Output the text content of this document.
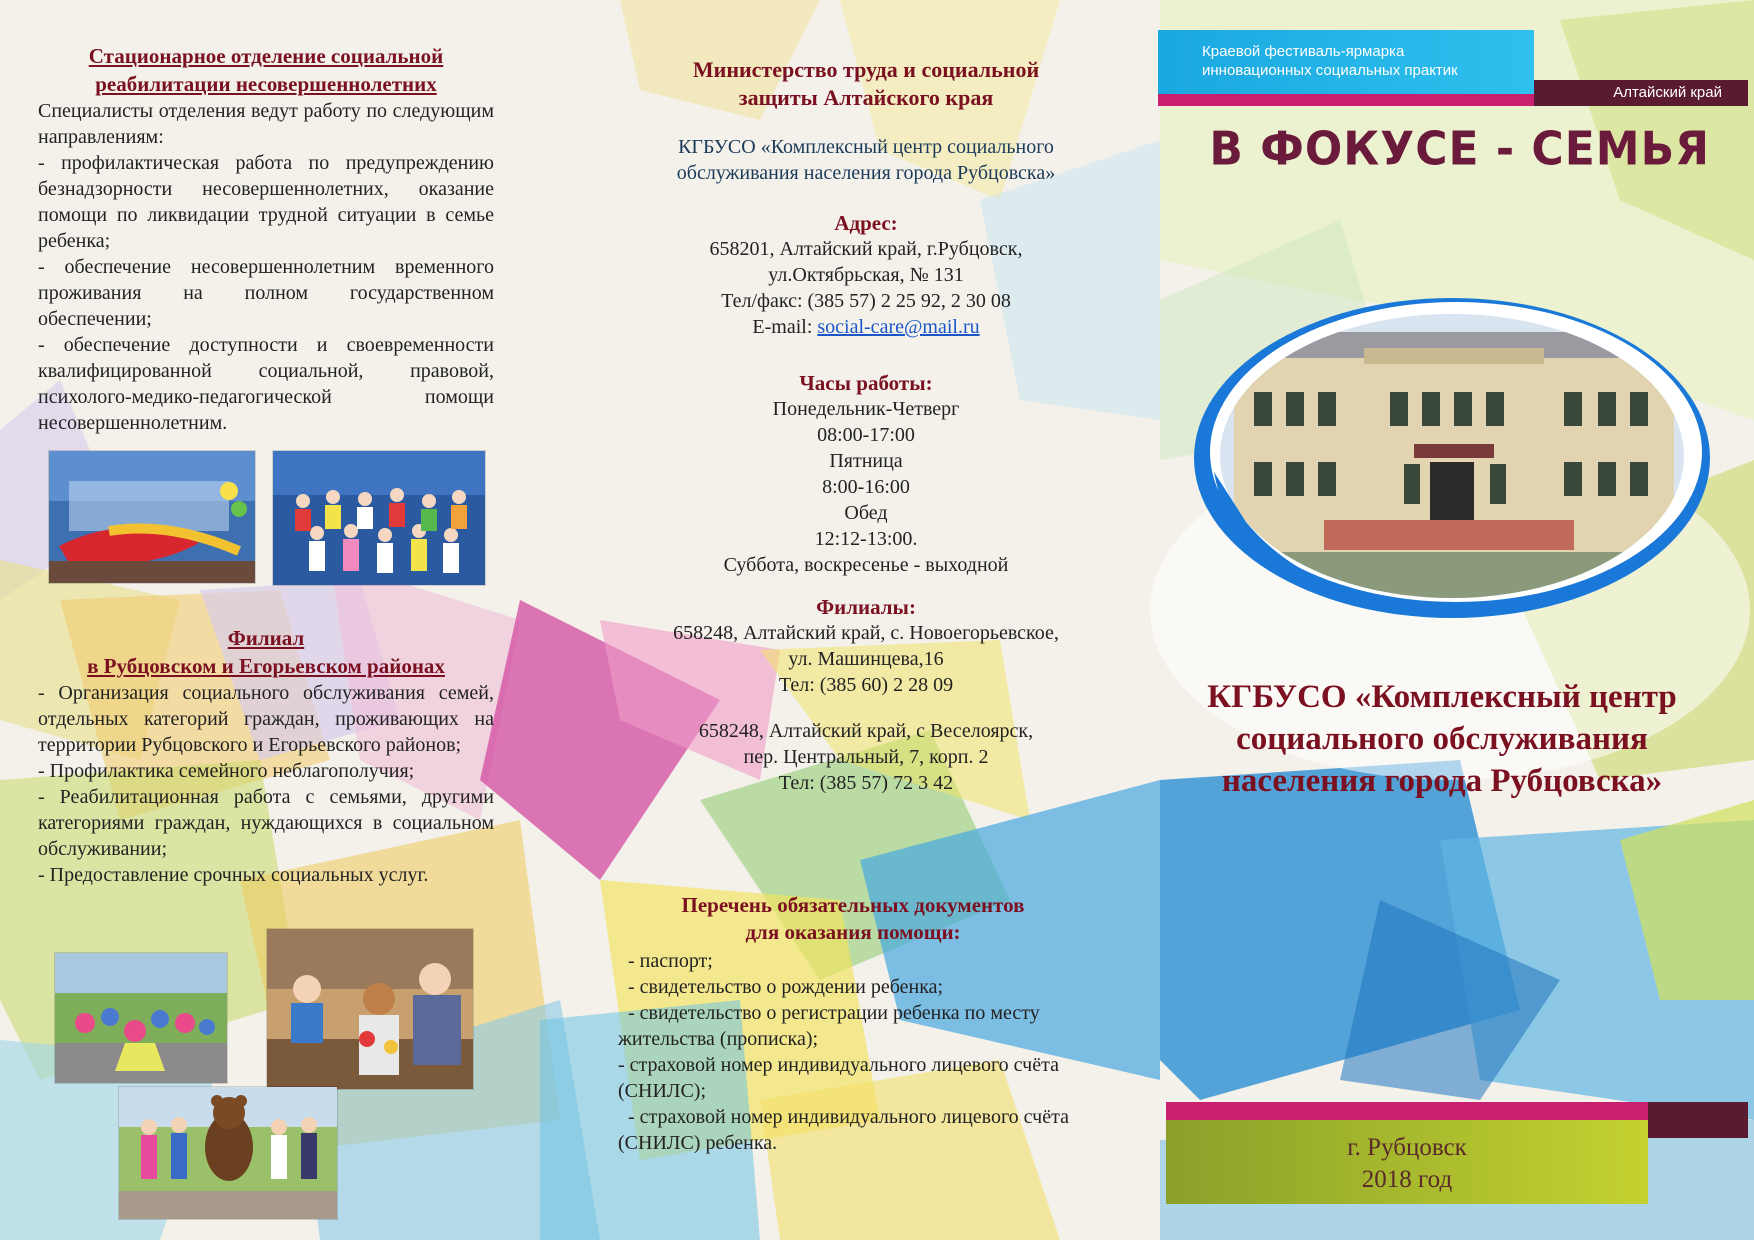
Стационарное отделение социальной
реабилитации несовершеннолетних

Специалисты отделения ведут работу по следующим направлениям:

- профилактическая работа по предупреждению безнадзорности несовершеннолетних, оказание помощи по ликвидации трудной ситуации в семье ребенка;

- обеспечение несовершеннолетним временного проживания на полном государственном обеспечении;

- обеспечение доступности и своевременности квалифицированной социальной, правовой, психолого-медико-педагогической помощи несовершеннолетним.

Филиал
в Рубцовском и Егорьевском районах

- Организация социального обслуживания семей, отдельных категорий граждан, проживающих на территории Рубцовского и Егорьевского районов;

- Профилактика семейного неблагополучия;

- Реабилитационная работа с семьями, другими категориями граждан, нуждающихся в социальном обслуживании;

- Предоставление срочных социальных услуг.

Министерство труда и социальной
защиты Алтайского края
КГБУСО «Комплексный центр социального
обслуживания населения города Рубцовска»
Адрес:
658201, Алтайский край, г.Рубцовск,
ул.Октябрьская, № 131
Тел/факс: (385 57) 2 25 92, 2 30 08
E-mail: social-care@mail.ru
Часы работы:
Понедельник-Четверг
08:00-17:00
Пятница
8:00-16:00
Обед
12:12-13:00.
Суббота, воскресенье - выходной
Филиалы:
658248, Алтайский край, с. Новоегорьевское,
ул. Машинцева,16
Тел: (385 60) 2 28 09
658248, Алтайский край, с Веселоярск,
пер. Центральный, 7, корп. 2
Тел: (385 57) 72 3 42
Перечень обязательных документов
для оказания помощи:
- паспорт;
- свидетельство о рождении ребенка;
- свидетельство о регистрации ребенка по месту жительства (прописка);
- страховой номер индивидуального лицевого счёта (СНИЛС);
- страховой номер индивидуального лицевого счёта (СНИЛС) ребенка.
Краевой фестиваль-ярмарка
инновационных социальных практик
Алтайский край
В ФОКУСЕ - СЕМЬЯ
КГБУСО «Комплексный центр
социального обслуживания
населения города Рубцовска»
г. Рубцовск
2018 год
